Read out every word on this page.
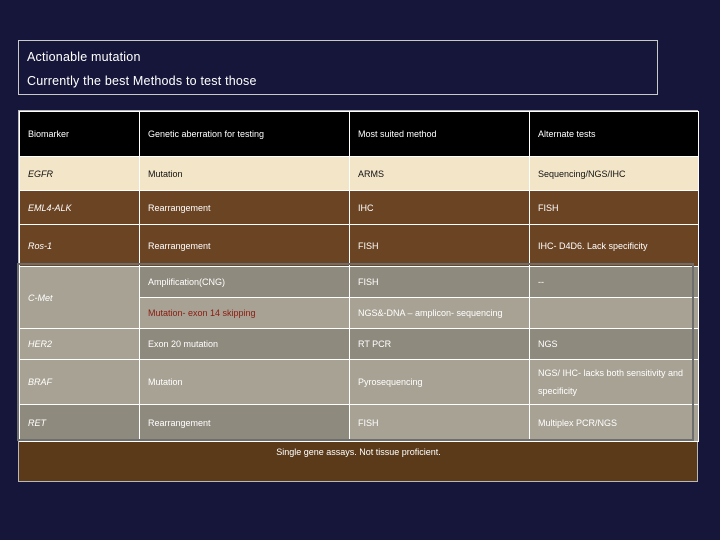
Actionable mutation
Currently the best Methods to test those
Biomarker	Genetic aberration for testing	Most suited method	Alternate tests
EGFR	Mutation	ARMS	Sequencing/NGS/IHC
EML4-ALK	Rearrangement	IHC	FISH
Ros-1	Rearrangement	FISH	IHC- D4D6. Lack specificity
C-Met	Amplification(CNG)	FISH	--
	Mutation- exon 14 skipping	NGS&-DNA – amplicon- sequencing	
HER2	Exon 20 mutation	RT PCR	NGS
BRAF	Mutation	Pyrosequencing	NGS/ IHC- lacks both sensitivity and specificity
RET	Rearrangement	FISH	Multiplex PCR/NGS
Single gene assays. Not tissue proficient.
